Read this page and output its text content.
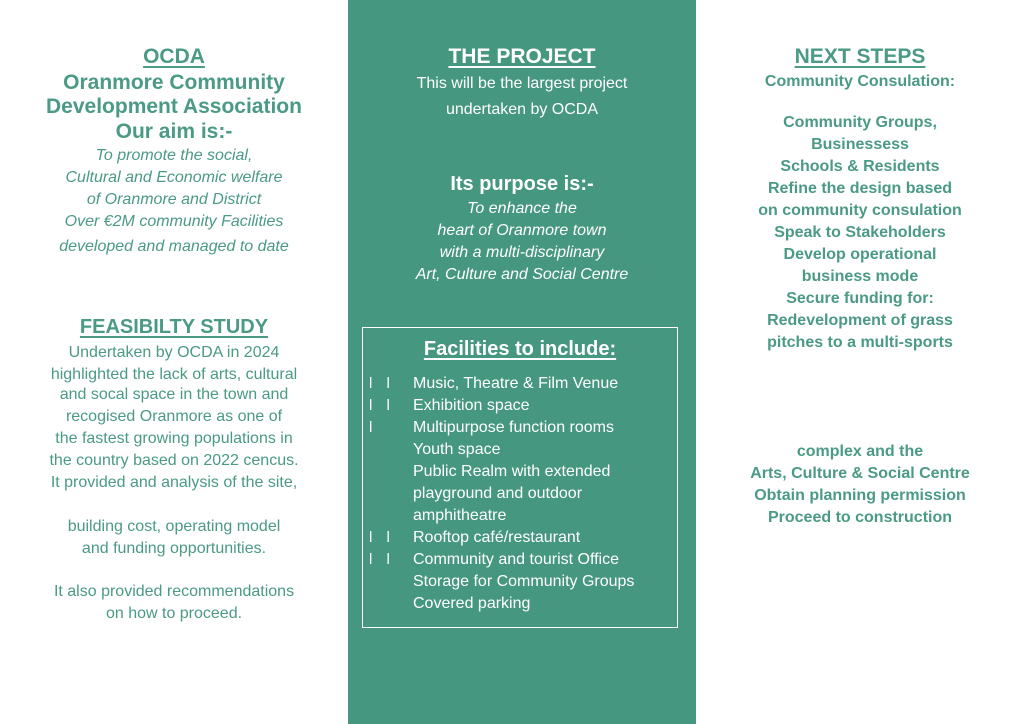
OCDA
Oranmore Community
Development Association
Our aim is:-
To promote the social,
Cultural and Economic welfare
of Oranmore and District
Over €2M community Facilities
developed and managed to date
FEASIBILTY STUDY
Undertaken by OCDA in 2024
highlighted the lack of arts, cultural
and socal space in the town and
recogised Oranmore as one of
the fastest growing populations in
the country based on 2022 cencus.
It provided and analysis of the site,
building cost, operating model
and funding opportunities.
It also provided recommendations
on how to proceed.
THE PROJECT
This will be the largest project
undertaken by OCDA
Its purpose is:-
To enhance the
heart of Oranmore town
with a multi-disciplinary
Art, Culture and Social Centre
Facilities to include:
l l	Music, Theatre & Film Venue
l l	Exhibition space
l	Multipurpose function rooms
Youth space
Public Realm with extended
playground and outdoor
amphitheatre
l l	Rooftop café/restaurant
l l	Community and tourist Office
Storage for Community Groups
Covered parking
NEXT STEPS
Community Consulation:
Community Groups,
Businessess
Schools & Residents
Refine the design based
on community consulation
Speak to Stakeholders
Develop operational
business mode
Secure funding for:
Redevelopment of grass
pitches to a multi-sports
complex and the
Arts, Culture & Social Centre
Obtain planning permission
Proceed to construction
